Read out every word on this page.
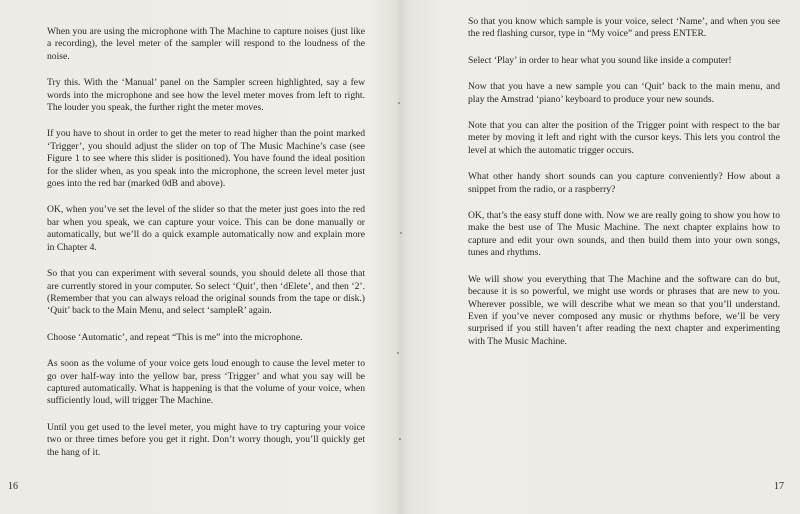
When you are using the microphone with The Machine to capture noises (just like a recording), the level meter of the sampler will respond to the loudness of the noise.

Try this. With the ‘Manual’ panel on the Sampler screen highlighted, say a few words into the microphone and see how the level meter moves from left to right. The louder you speak, the further right the meter moves.

If you have to shout in order to get the meter to read higher than the point marked ‘Trigger’, you should adjust the slider on top of The Music Machine’s case (see Figure 1 to see where this slider is positioned). You have found the ideal position for the slider when, as you speak into the microphone, the screen level meter just goes into the red bar (marked 0dB and above).

OK, when you’ve set the level of the slider so that the meter just goes into the red bar when you speak, we can capture your voice. This can be done manually or automatically, but we’ll do a quick example automatically now and explain more in Chapter 4.

So that you can experiment with several sounds, you should delete all those that are currently stored in your computer. So select ‘Quit’, then ‘dElete’, and then ‘2’. (Remember that you can always reload the original sounds from the tape or disk.) ‘Quit’ back to the Main Menu, and select ‘sampleR’ again.

Choose ‘Automatic’, and repeat “This is me” into the microphone.

As soon as the volume of your voice gets loud enough to cause the level meter to go over half-way into the yellow bar, press ‘Trigger’ and what you say will be captured automatically. What is happening is that the volume of your voice, when sufficiently loud, will trigger The Machine.

Until you get used to the level meter, you might have to try capturing your voice two or three times before you get it right. Don’t worry though, you’ll quickly get the hang of it.

16

So that you know which sample is your voice, select ‘Name’, and when you see the red flashing cursor, type in “My voice” and press ENTER.

Select ‘Play’ in order to hear what you sound like inside a computer!

Now that you have a new sample you can ‘Quit’ back to the main menu, and play the Amstrad ‘piano’ keyboard to produce your new sounds.

Note that you can alter the position of the Trigger point with respect to the bar meter by moving it left and right with the cursor keys. This lets you control the level at which the automatic trigger occurs.

What other handy short sounds can you capture conveniently? How about a snippet from the radio, or a raspberry?

OK, that’s the easy stuff done with. Now we are really going to show you how to make the best use of The Music Machine. The next chapter explains how to capture and edit your own sounds, and then build them into your own songs, tunes and rhythms.

We will show you everything that The Machine and the software can do but, because it is so powerful, we might use words or phrases that are new to you. Wherever possible, we will describe what we mean so that you’ll understand. Even if you’ve never composed any music or rhythms before, we’ll be very surprised if you still haven’t after reading the next chapter and experimenting with The Music Machine.

17
